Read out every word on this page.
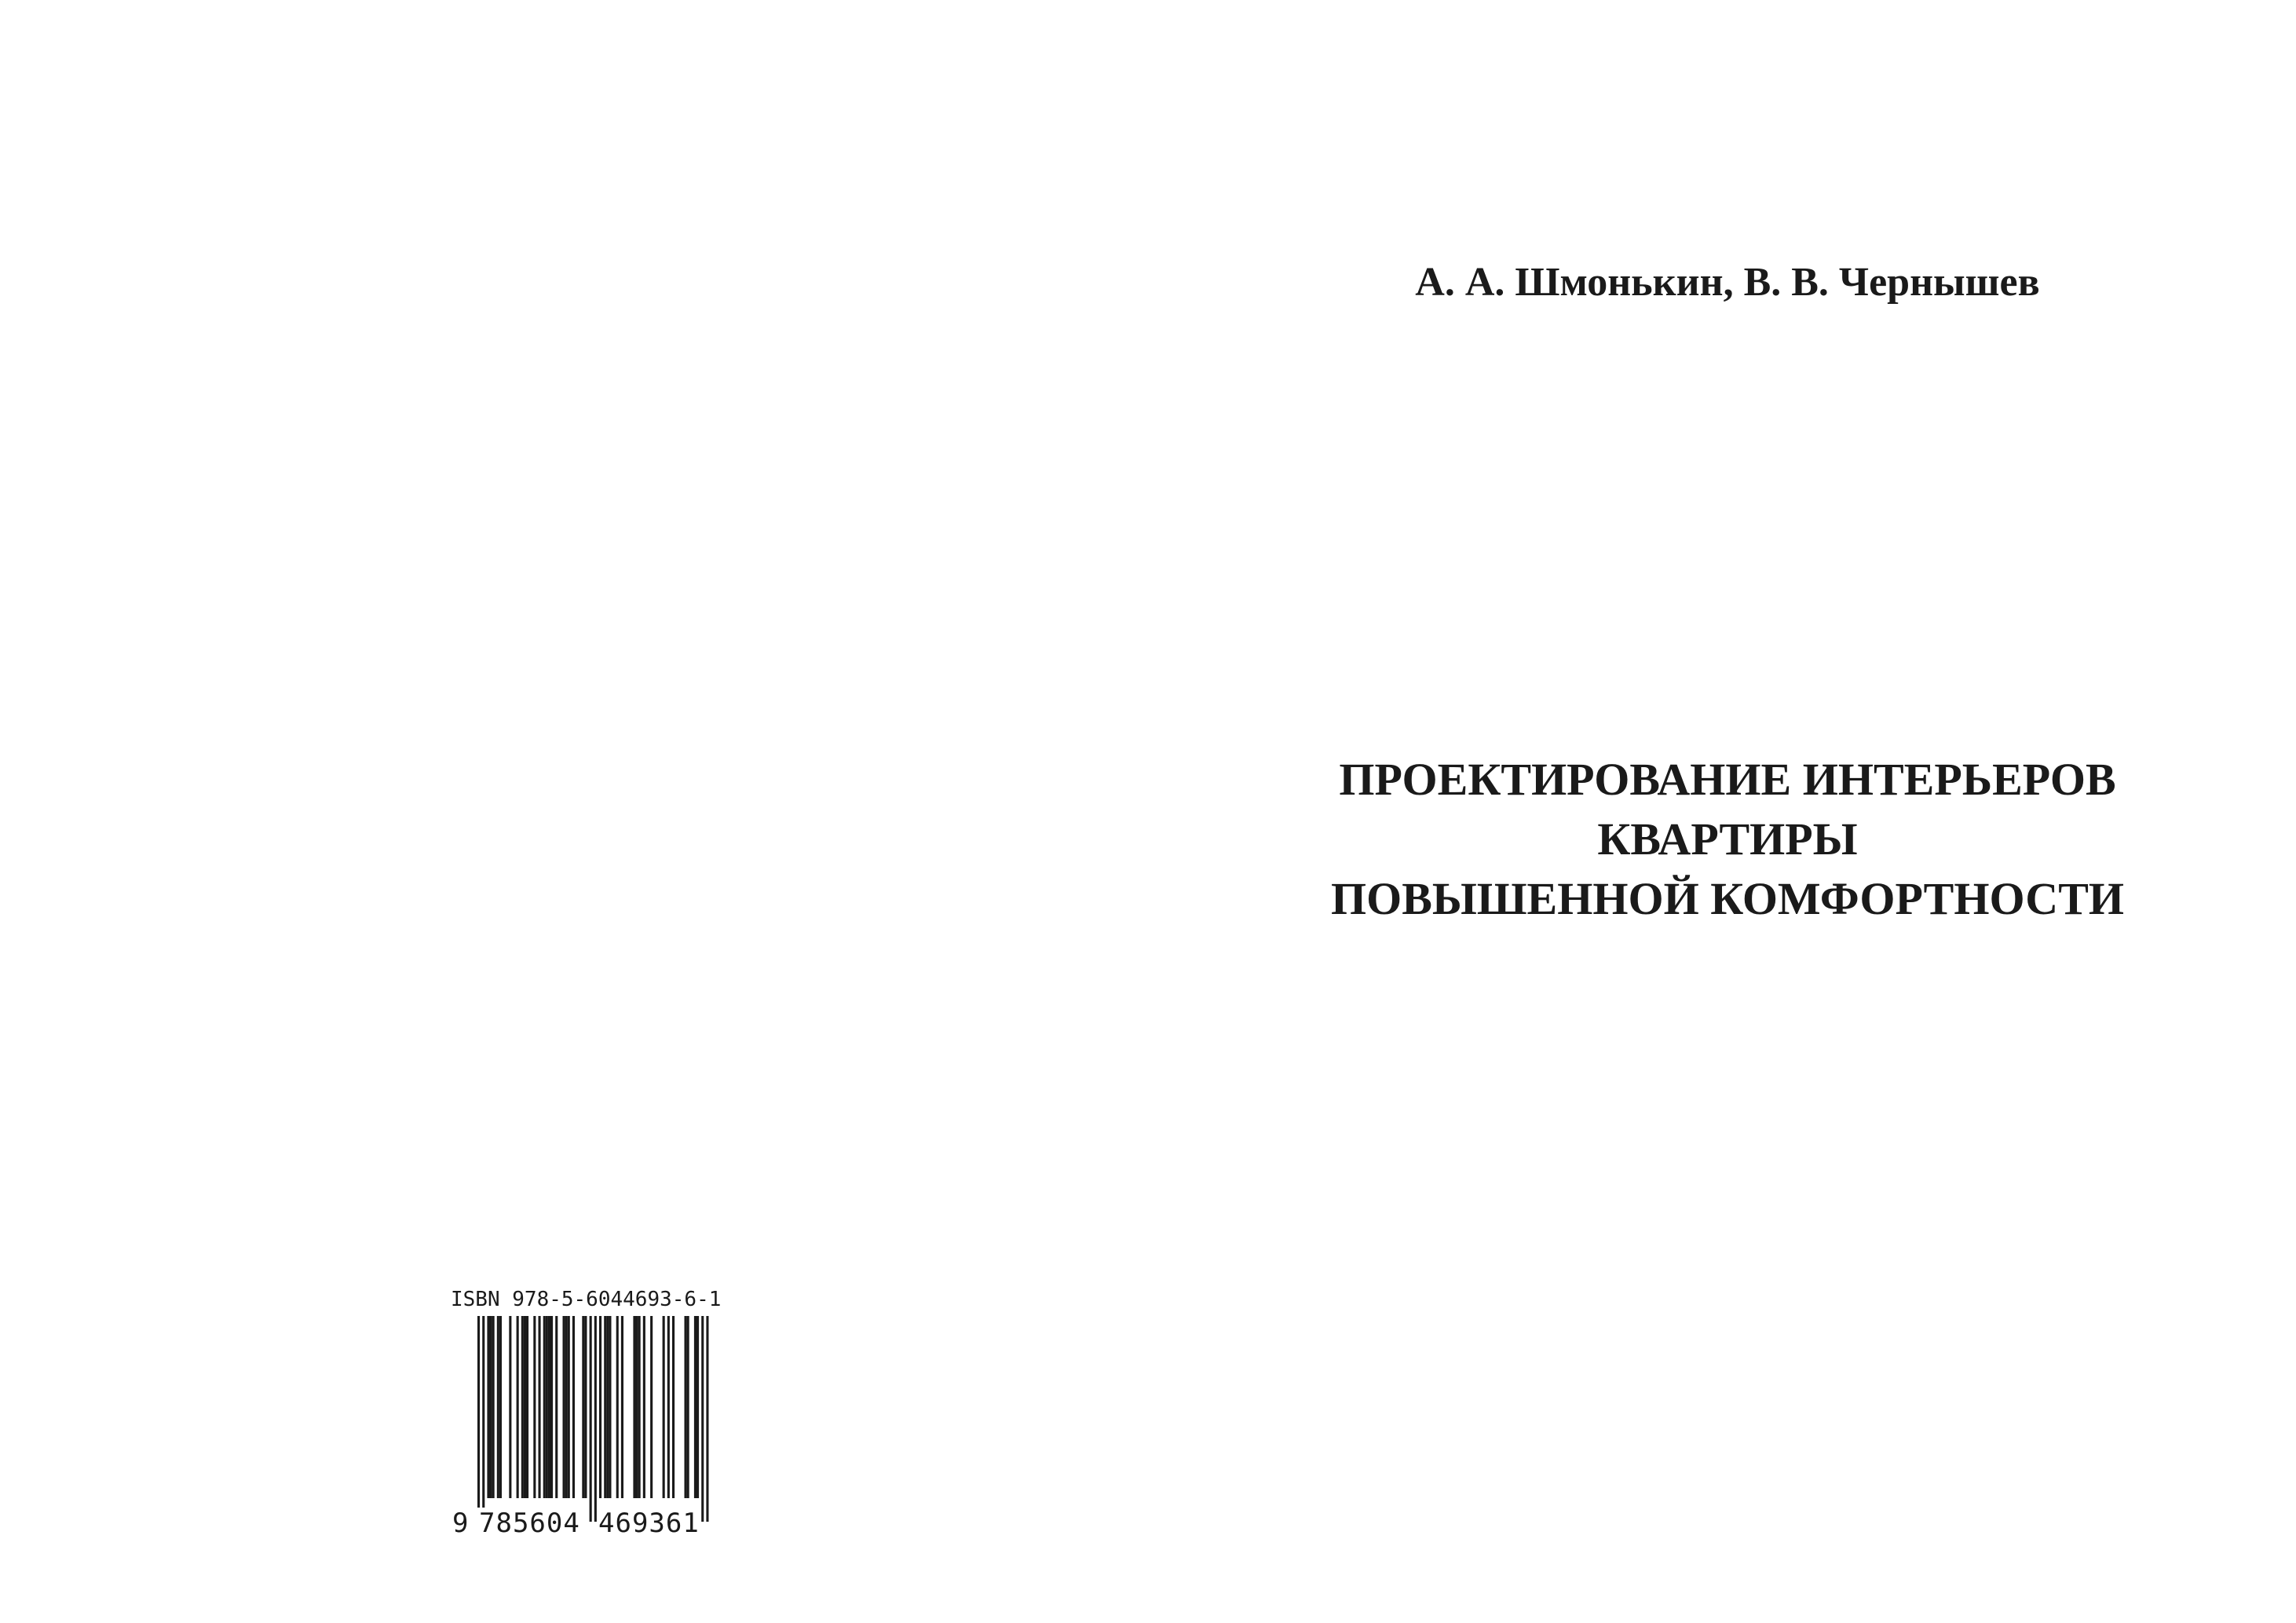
А. А. Шмонькин, В. В. Чернышев
ПРОЕКТИРОВАНИЕ ИНТЕРЬЕРОВ
КВАРТИРЫ
ПОВЫШЕННОЙ КОМФОРТНОСТИ
ISBN 978-5-6044693-6-1
9 785604 469361
